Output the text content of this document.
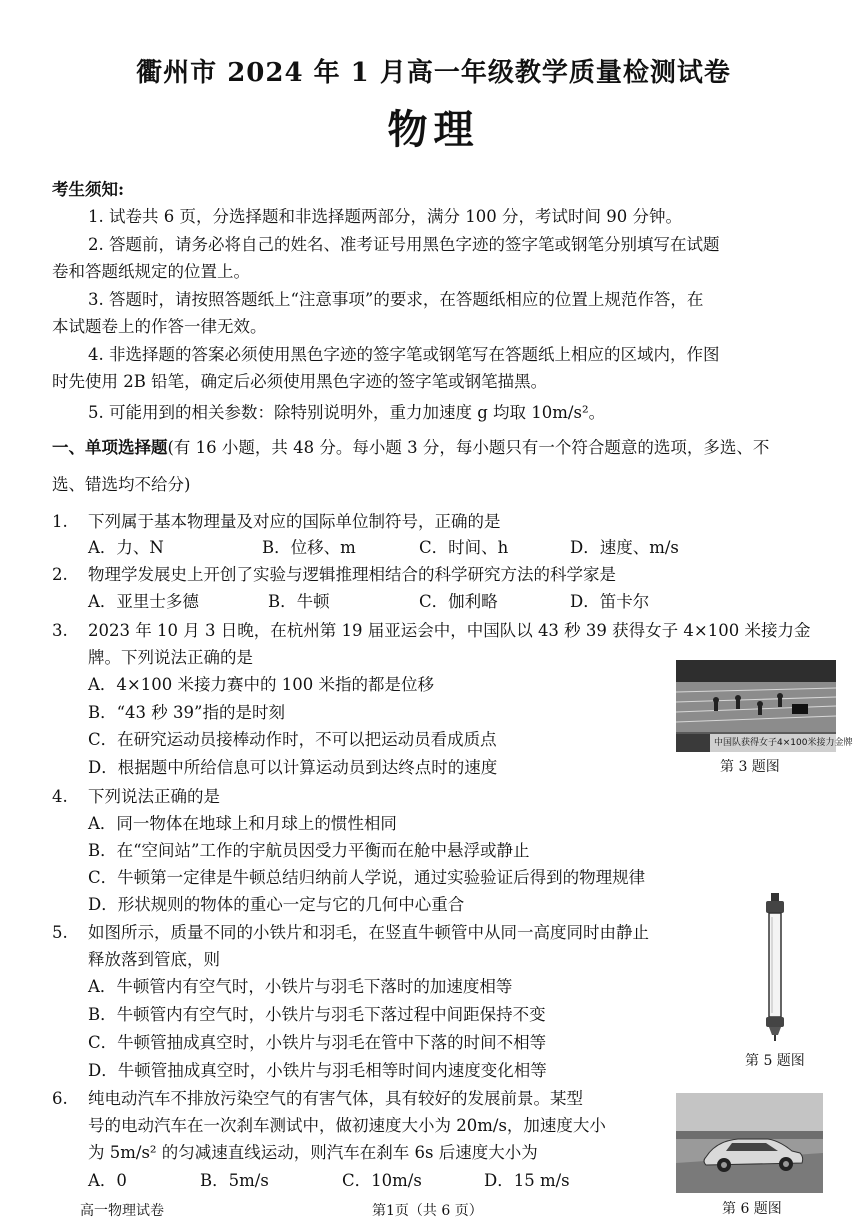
衢州市 2024 年 1 月高一年级教学质量检测试卷
物理
考生须知:
1. 试卷共 6 页，分选择题和非选择题两部分，满分 100 分，考试时间 90 分钟。
2. 答题前，请务必将自己的姓名、准考证号用黑色字迹的签字笔或钢笔分别填写在试题
卷和答题纸规定的位置上。
3. 答题时，请按照答题纸上“注意事项”的要求，在答题纸相应的位置上规范作答，在
本试题卷上的作答一律无效。
4. 非选择题的答案必须使用黑色字迹的签字笔或钢笔写在答题纸上相应的区域内，作图
时先使用 2B 铅笔，确定后必须使用黑色字迹的签字笔或钢笔描黑。
5. 可能用到的相关参数：除特别说明外，重力加速度 g 均取 10m/s²。
一、单项选择题(有 16 小题，共 48 分。每小题 3 分，每小题只有一个符合题意的选项，多选、不
选、错选均不给分)
1. 下列属于基本物理量及对应的国际单位制符号，正确的是
A．力、N	B．位移、m	C．时间、h	D．速度、m/s
2. 物理学发展史上开创了实验与逻辑推理相结合的科学研究方法的科学家是
A．亚里士多德	B．牛顿	C．伽利略	D．笛卡尔
3. 2023 年 10 月 3 日晚，在杭州第 19 届亚运会中，中国队以 43 秒 39 获得女子 4×100 米接力金
牌。下列说法正确的是
A．4×100 米接力赛中的 100 米指的都是位移
B．“43 秒 39”指的是时刻
C．在研究运动员接棒动作时，不可以把运动员看成质点
D．根据题中所给信息可以计算运动员到达终点时的速度
中国队获得女子4×100米接力金牌
第 3 题图
4. 下列说法正确的是
A．同一物体在地球上和月球上的惯性相同
B．在“空间站”工作的宇航员因受力平衡而在舱中悬浮或静止
C．牛顿第一定律是牛顿总结归纳前人学说，通过实验验证后得到的物理规律
D．形状规则的物体的重心一定与它的几何中心重合
5. 如图所示，质量不同的小铁片和羽毛，在竖直牛顿管中从同一高度同时由静止
释放落到管底，则
A．牛顿管内有空气时，小铁片与羽毛下落时的加速度相等
B．牛顿管内有空气时，小铁片与羽毛下落过程中间距保持不变
C．牛顿管抽成真空时，小铁片与羽毛在管中下落的时间不相等
D．牛顿管抽成真空时，小铁片与羽毛相等时间内速度变化相等	第 5 题图
6. 纯电动汽车不排放污染空气的有害气体，具有较好的发展前景。某型
号的电动汽车在一次刹车测试中，做初速度大小为 20m/s，加速度大小
为 5m/s² 的匀减速直线运动，则汽车在刹车 6s 后速度大小为
A．0	B．5m/s	C．10m/s	D．15 m/s
第 6 题图
高一物理试卷	第1页（共 6 页）
